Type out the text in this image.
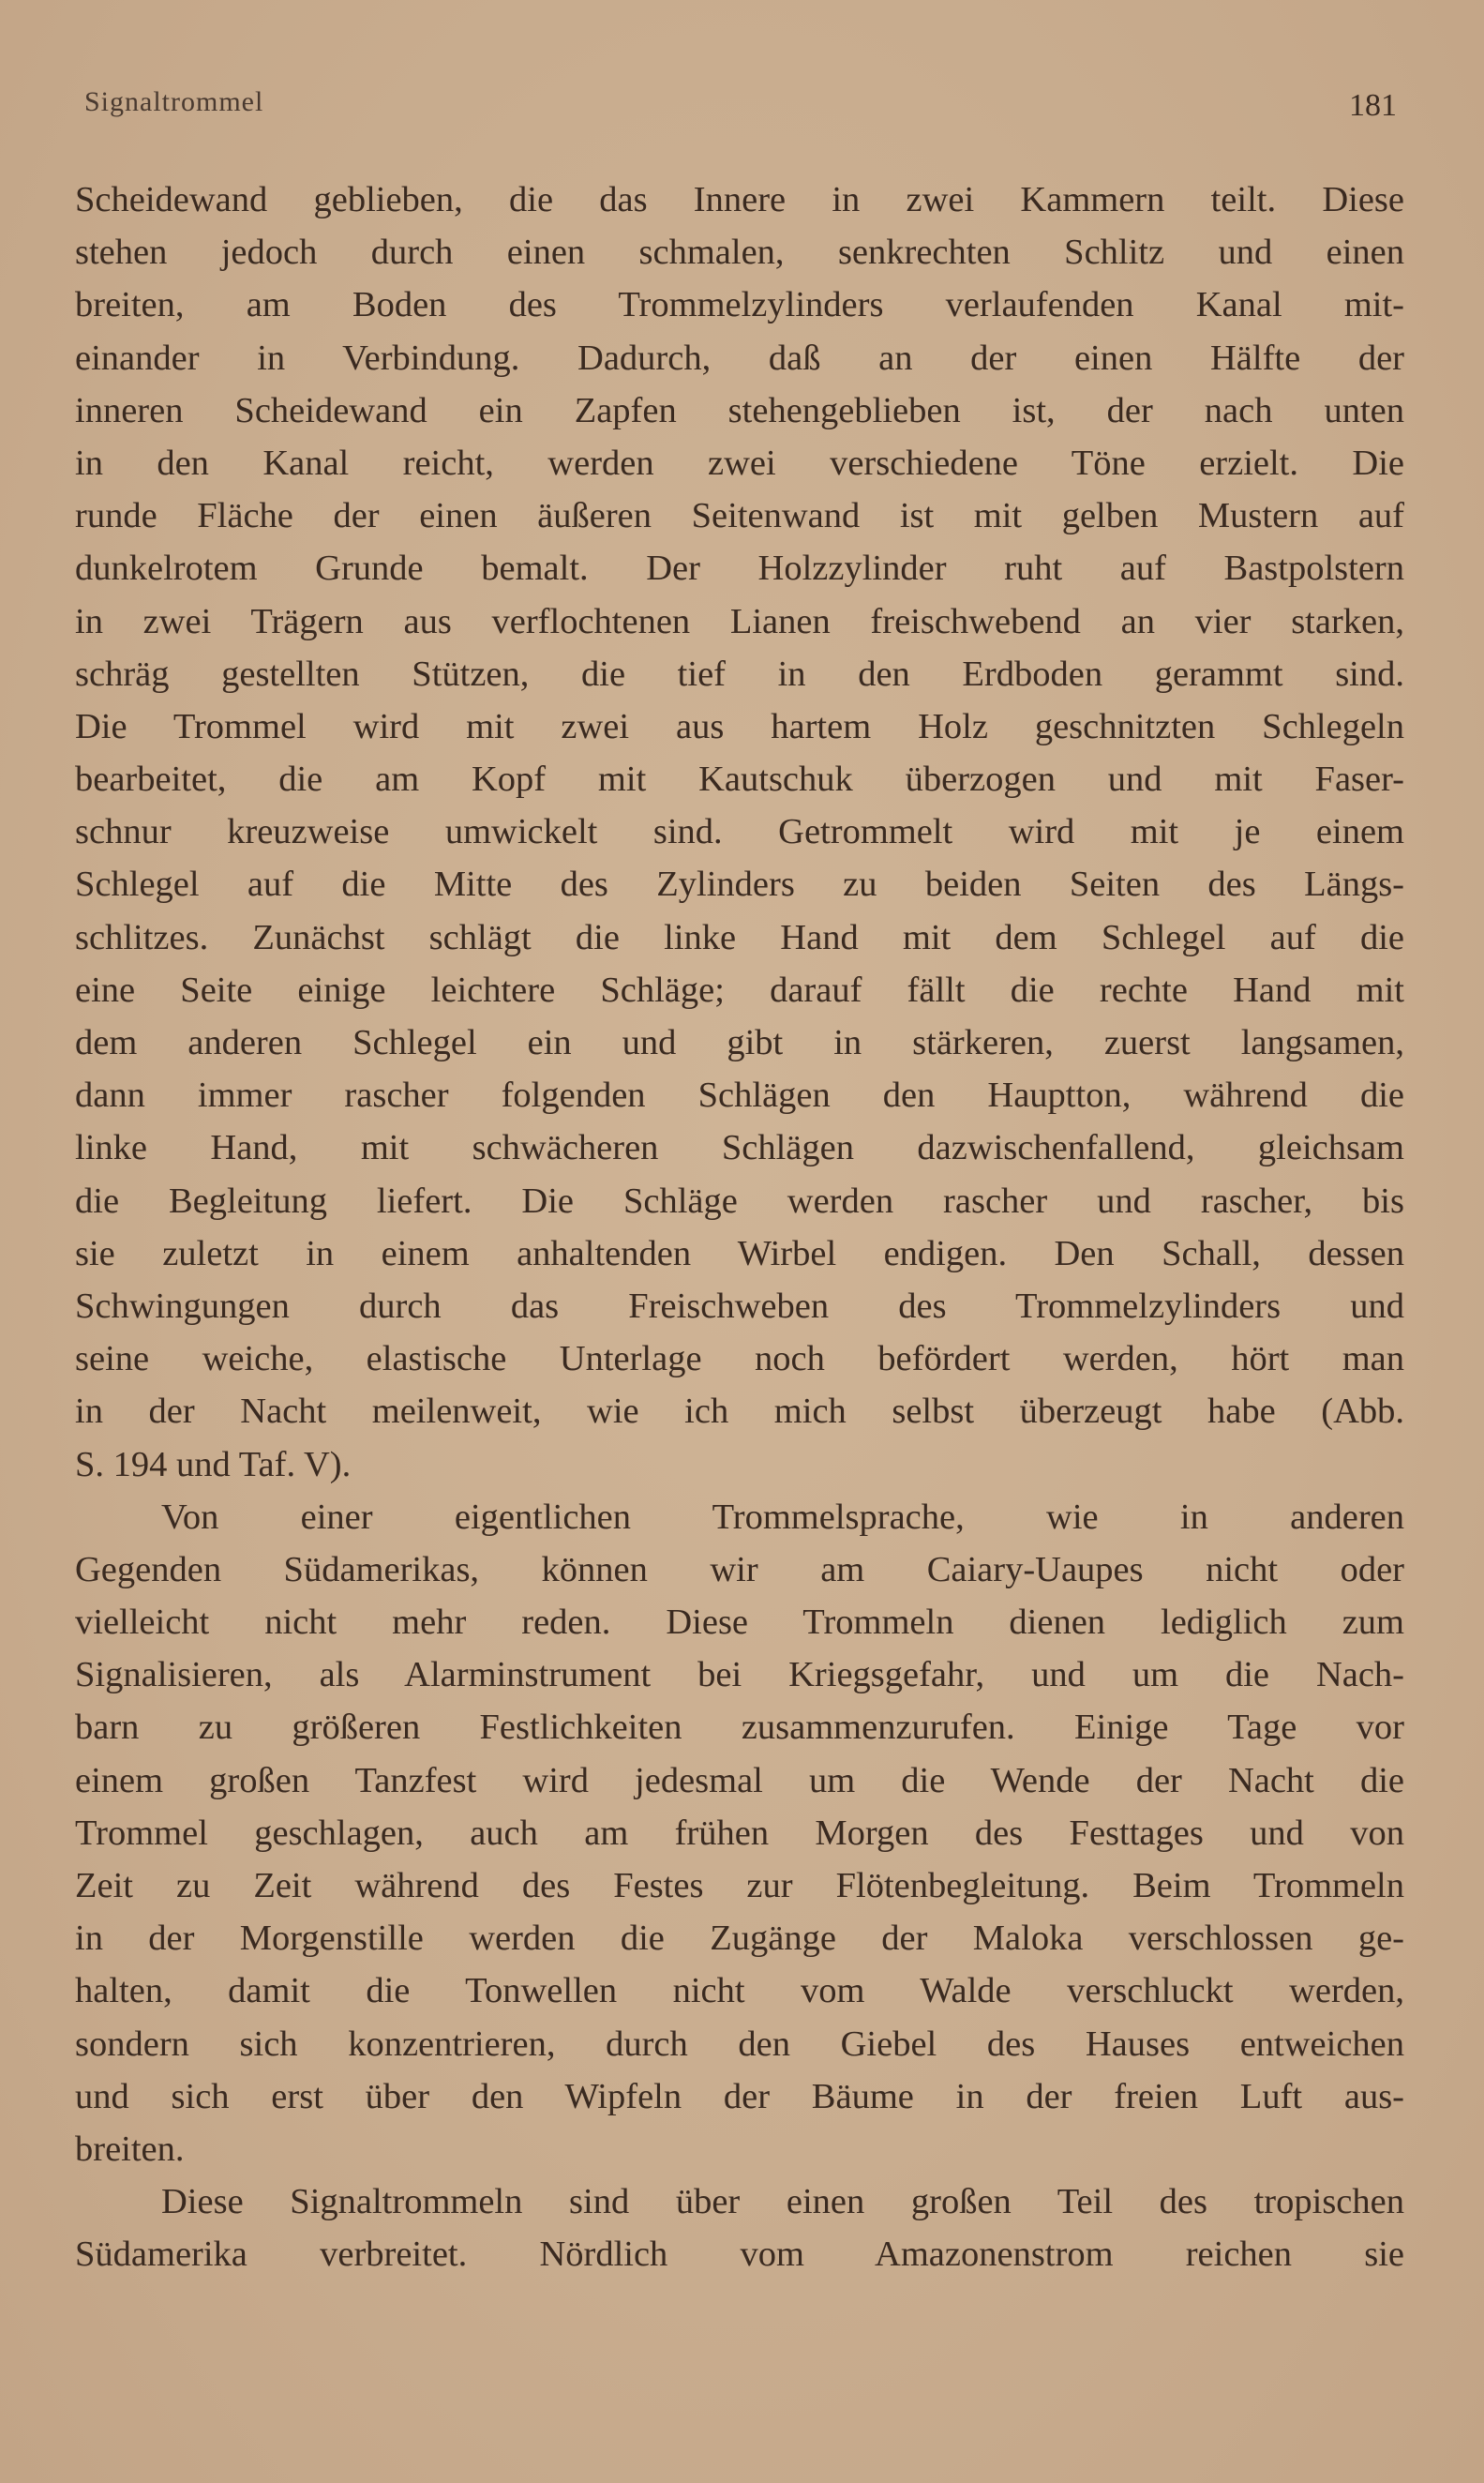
Signaltrommel	181
Scheidewand geblieben, die das Innere in zwei Kammern teilt. Diese
stehen jedoch durch einen schmalen, senkrechten Schlitz und einen
breiten, am Boden des Trommelzylinders verlaufenden Kanal mit-
einander in Verbindung. Dadurch, daß an der einen Hälfte der
inneren Scheidewand ein Zapfen stehengeblieben ist, der nach unten
in den Kanal reicht, werden zwei verschiedene Töne erzielt. Die
runde Fläche der einen äußeren Seitenwand ist mit gelben Mustern auf
dunkelrotem Grunde bemalt. Der Holzzylinder ruht auf Bastpolstern
in zwei Trägern aus verflochtenen Lianen freischwebend an vier starken,
schräg gestellten Stützen, die tief in den Erdboden gerammt sind.
Die Trommel wird mit zwei aus hartem Holz geschnitzten Schlegeln
bearbeitet, die am Kopf mit Kautschuk überzogen und mit Faser-
schnur kreuzweise umwickelt sind. Getrommelt wird mit je einem
Schlegel auf die Mitte des Zylinders zu beiden Seiten des Längs-
schlitzes. Zunächst schlägt die linke Hand mit dem Schlegel auf die
eine Seite einige leichtere Schläge; darauf fällt die rechte Hand mit
dem anderen Schlegel ein und gibt in stärkeren, zuerst langsamen,
dann immer rascher folgenden Schlägen den Hauptton, während die
linke Hand, mit schwächeren Schlägen dazwischenfallend, gleichsam
die Begleitung liefert. Die Schläge werden rascher und rascher, bis
sie zuletzt in einem anhaltenden Wirbel endigen. Den Schall, dessen
Schwingungen durch das Freischweben des Trommelzylinders und
seine weiche, elastische Unterlage noch befördert werden, hört man
in der Nacht meilenweit, wie ich mich selbst überzeugt habe (Abb.
S. 194 und Taf. V).
Von einer eigentlichen Trommelsprache, wie in anderen
Gegenden Südamerikas, können wir am Caiary-Uaupes nicht oder
vielleicht nicht mehr reden. Diese Trommeln dienen lediglich zum
Signalisieren, als Alarminstrument bei Kriegsgefahr, und um die Nach-
barn zu größeren Festlichkeiten zusammenzurufen. Einige Tage vor
einem großen Tanzfest wird jedesmal um die Wende der Nacht die
Trommel geschlagen, auch am frühen Morgen des Festtages und von
Zeit zu Zeit während des Festes zur Flötenbegleitung. Beim Trommeln
in der Morgenstille werden die Zugänge der Maloka verschlossen ge-
halten, damit die Tonwellen nicht vom Walde verschluckt werden,
sondern sich konzentrieren, durch den Giebel des Hauses entweichen
und sich erst über den Wipfeln der Bäume in der freien Luft aus-
breiten.
Diese Signaltrommeln sind über einen großen Teil des tropischen
Südamerika verbreitet. Nördlich vom Amazonenstrom reichen sie
